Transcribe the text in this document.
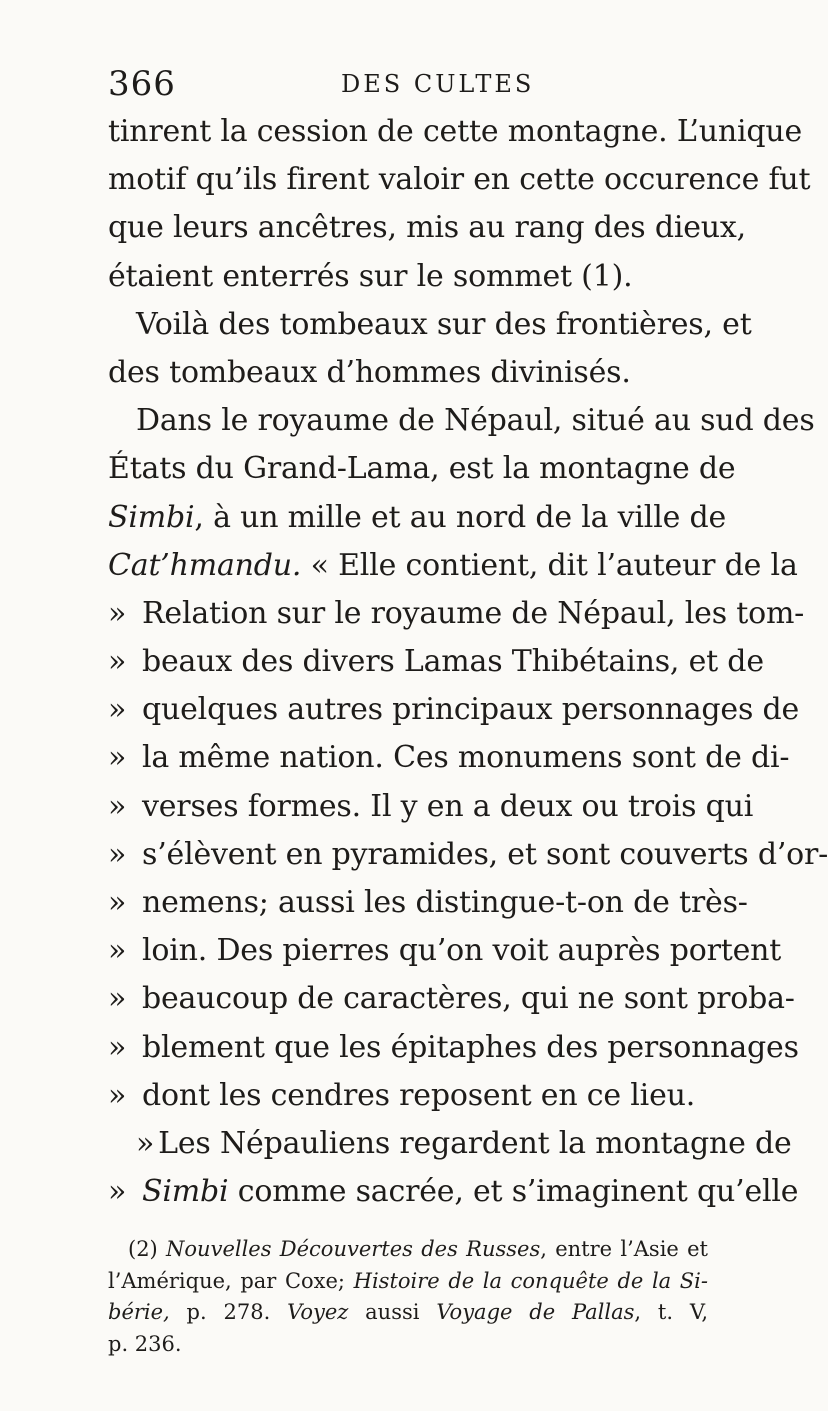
366	DES CULTES
tinrent la cession de cette montagne. L’unique
motif qu’ils firent valoir en cette occurence fut
que leurs ancêtres, mis au rang des dieux,
étaient enterrés sur le sommet (1).
Voilà des tombeaux sur des frontières, et
des tombeaux d’hommes divinisés.
Dans le royaume de Népaul, situé au sud des
États du Grand-Lama, est la montagne de
Simbi, à un mille et au nord de la ville de
Cat’hmandu. « Elle contient, dit l’auteur de la
» Relation sur le royaume de Népaul, les tom-
» beaux des divers Lamas Thibétains, et de
» quelques autres principaux personnages de
» la même nation. Ces monumens sont de di-
» verses formes. Il y en a deux ou trois qui
» s’élèvent en pyramides, et sont couverts d’or-
» nemens; aussi les distingue-t-on de très-
» loin. Des pierres qu’on voit auprès portent
» beaucoup de caractères, qui ne sont proba-
» blement que les épitaphes des personnages
» dont les cendres reposent en ce lieu.
» Les Népauliens regardent la montagne de
» Simbi comme sacrée, et s’imaginent qu’elle
(2) Nouvelles Découvertes des Russes, entre l’Asie et
l’Amérique, par Coxe; Histoire de la conquête de la Si-
bérie, p. 278. Voyez aussi Voyage de Pallas, t. V,
p. 236.
